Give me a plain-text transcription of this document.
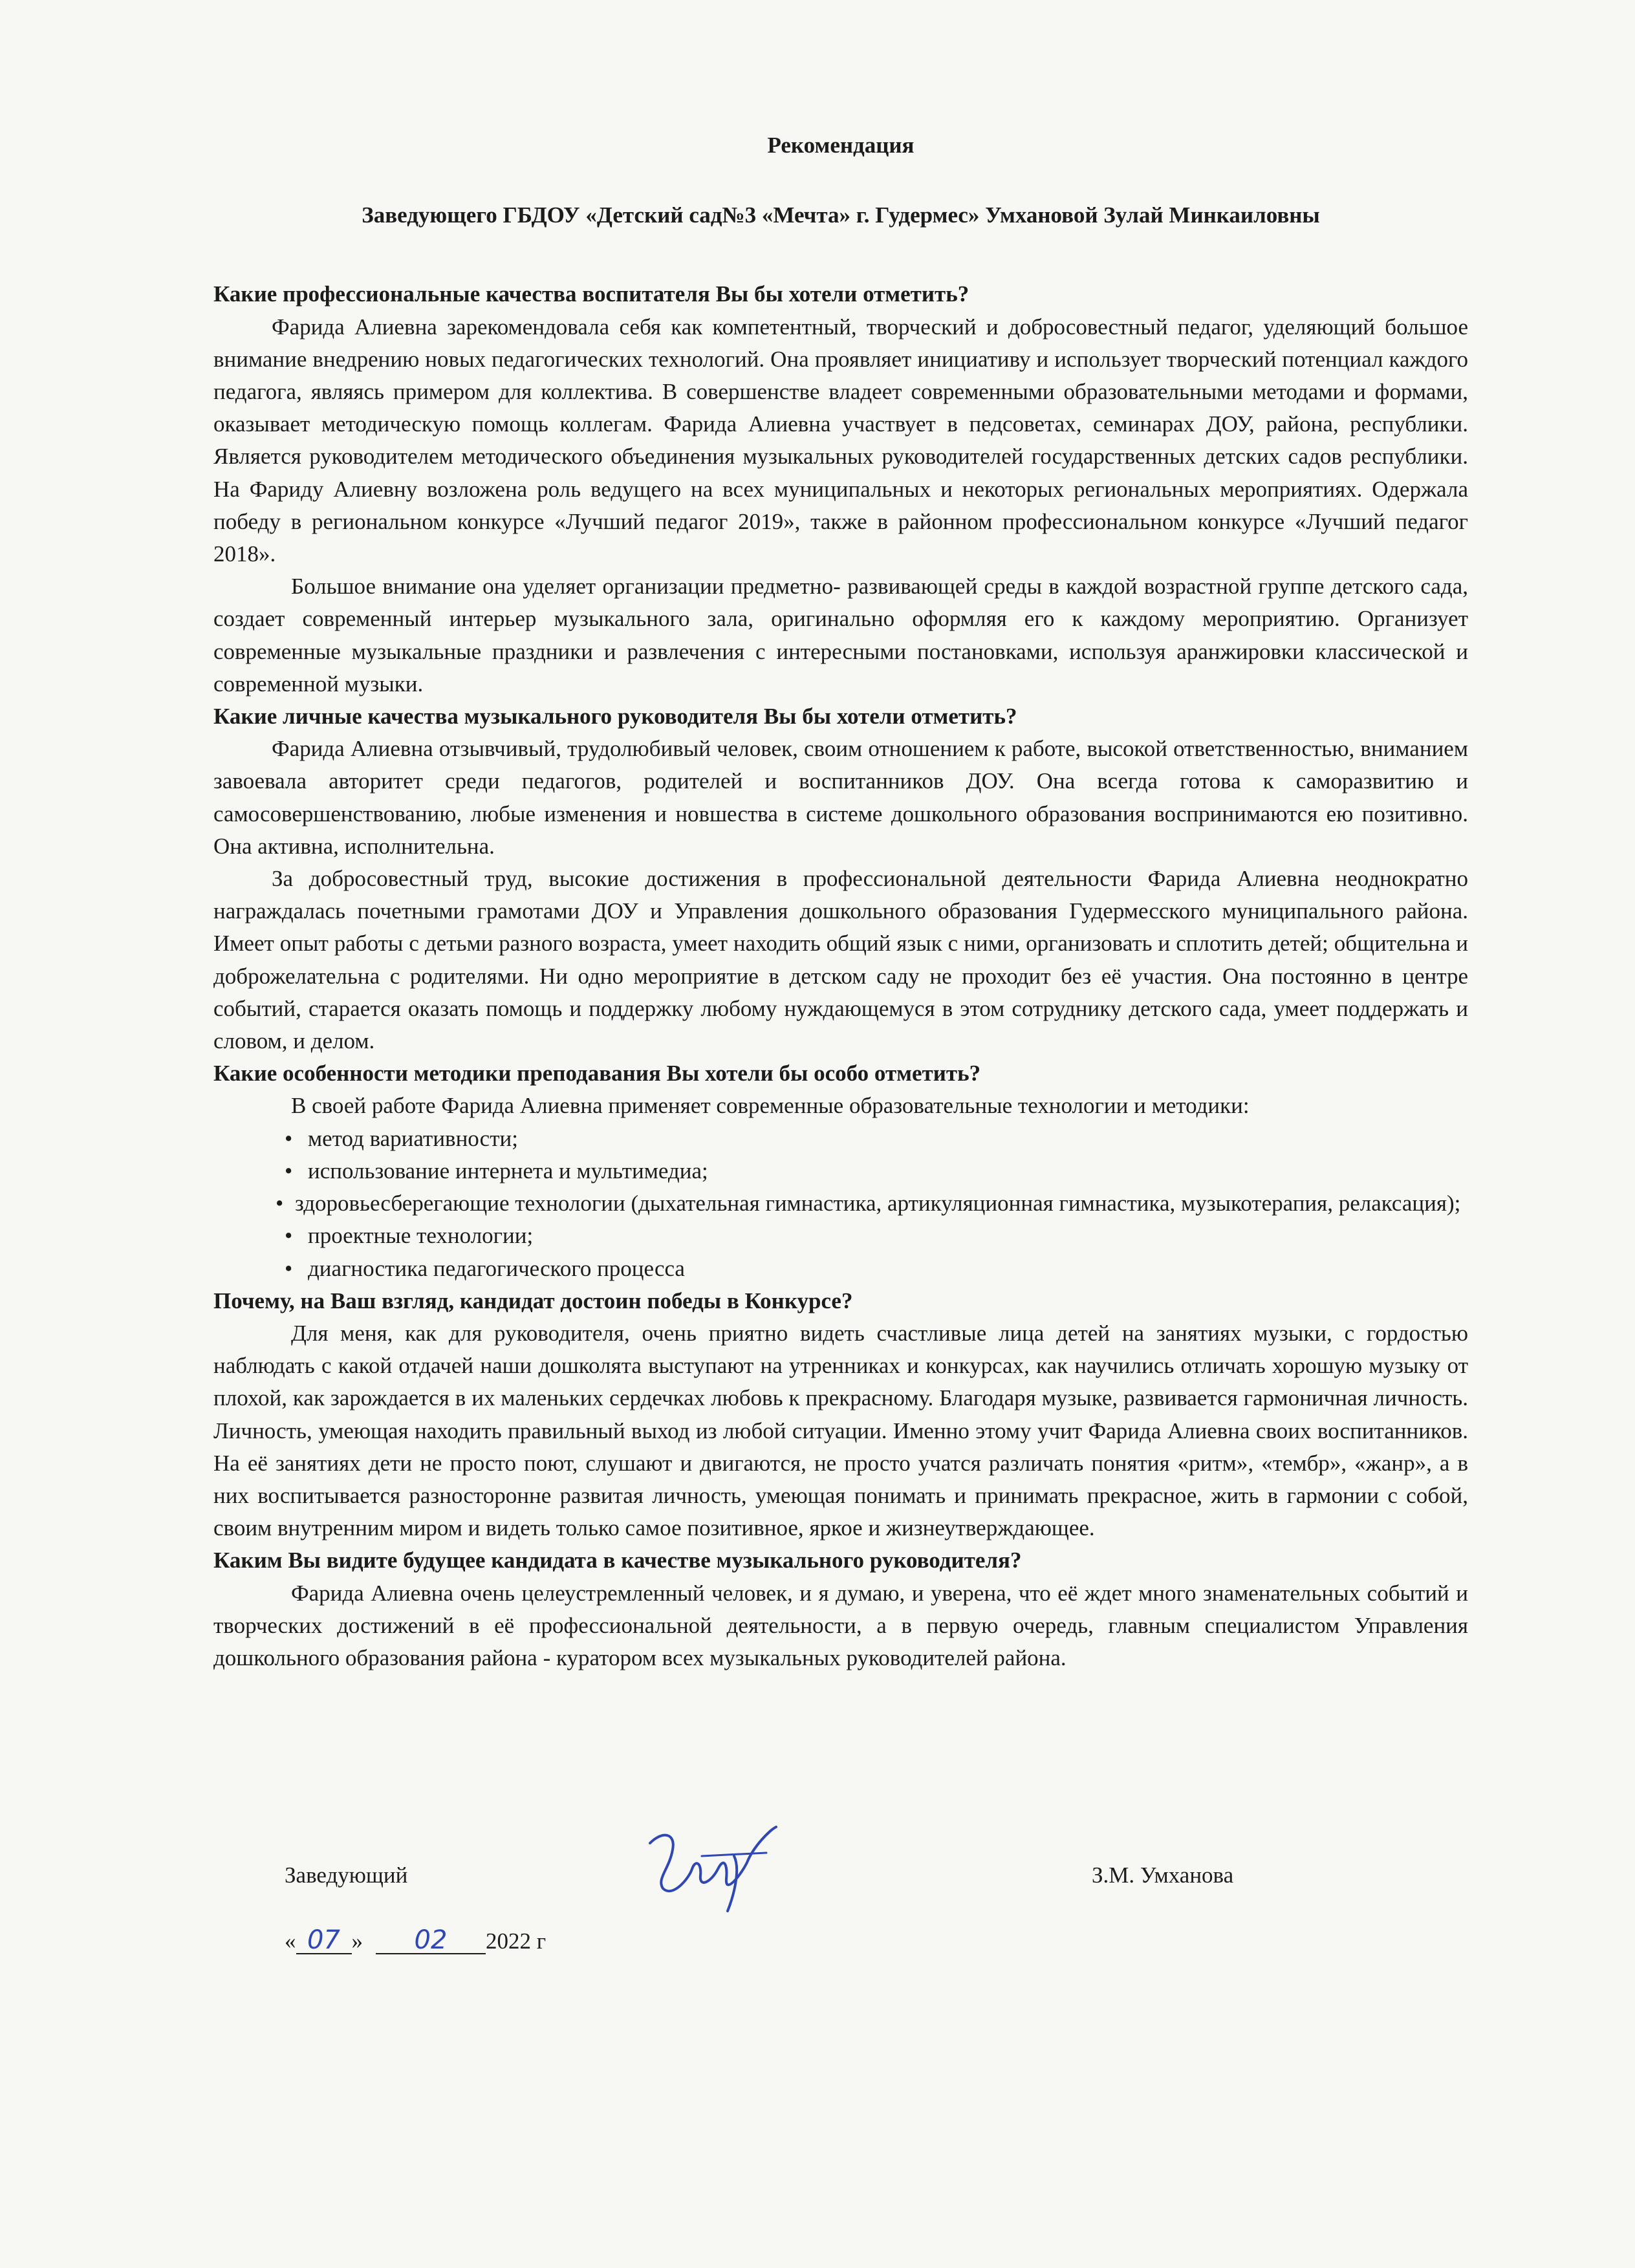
Рекомендация

Заведующего ГБДОУ «Детский сад№3 «Мечта» г. Гудермес» Умхановой Зулай Минкаиловны

Какие профессиональные качества воспитателя Вы бы хотели отметить?

Фарида Алиевна зарекомендовала себя как компетентный, творческий и добросовестный педагог, уделяющий большое внимание внедрению новых педагогических технологий. Она проявляет инициативу и использует творческий потенциал каждого педагога, являясь примером для коллектива. В совершенстве владеет современными образовательными методами и формами, оказывает методическую помощь коллегам. Фарида Алиевна участвует в педсоветах, семинарах ДОУ, района, республики. Является руководителем методического объединения музыкальных руководителей государственных детских садов республики. На Фариду Алиевну возложена роль ведущего на всех муниципальных и некоторых региональных мероприятиях. Одержала победу в региональном конкурсе «Лучший педагог 2019», также в районном профессиональном конкурсе «Лучший педагог 2018».

Большое внимание она уделяет организации предметно- развивающей среды в каждой возрастной группе детского сада, создает современный интерьер музыкального зала, оригинально оформляя его к каждому мероприятию. Организует современные музыкальные праздники и развлечения с интересными постановками, используя аранжировки классической и современной музыки.

Какие личные качества музыкального руководителя Вы бы хотели отметить?

Фарида Алиевна отзывчивый, трудолюбивый человек, своим отношением к работе, высокой ответственностью, вниманием завоевала авторитет среди педагогов, родителей и воспитанников ДОУ. Она всегда готова к саморазвитию и самосовершенствованию, любые изменения и новшества в системе дошкольного образования воспринимаются ею позитивно. Она активна, исполнительна.

За добросовестный труд, высокие достижения в профессиональной деятельности Фарида Алиевна неоднократно награждалась почетными грамотами ДОУ и Управления дошкольного образования Гудермесского муниципального района. Имеет опыт работы с детьми разного возраста, умеет находить общий язык с ними, организовать и сплотить детей; общительна и доброжелательна с родителями. Ни одно мероприятие в детском саду не проходит без её участия. Она постоянно в центре событий, старается оказать помощь и поддержку любому нуждающемуся в этом сотруднику детского сада, умеет поддержать и словом, и делом.

Какие особенности методики преподавания Вы хотели бы особо отметить?

В своей работе Фарида Алиевна применяет современные образовательные технологии и методики:

• метод вариативности;
• использование интернета и мультимедиа;
• здоровьесберегающие технологии (дыхательная гимнастика, артикуляционная гимнастика, музыкотерапия, релаксация);
• проектные технологии;
• диагностика педагогического процесса
Почему, на Ваш взгляд, кандидат достоин победы в Конкурсе?

Для меня, как для руководителя, очень приятно видеть счастливые лица детей на занятиях музыки, с гордостью наблюдать с какой отдачей наши дошколята выступают на утренниках и конкурсах, как научились отличать хорошую музыку от плохой, как зарождается в их маленьких сердечках любовь к прекрасному. Благодаря музыке, развивается гармоничная личность. Личность, умеющая находить правильный выход из любой ситуации. Именно этому учит Фарида Алиевна своих воспитанников. На её занятиях дети не просто поют, слушают и двигаются, не просто учатся различать понятия «ритм», «тембр», «жанр», а в них воспитывается разносторонне развитая личность, умеющая понимать и принимать прекрасное, жить в гармонии с собой, своим внутренним миром и видеть только самое позитивное, яркое и жизнеутверждающее.

Каким Вы видите будущее кандидата в качестве музыкального руководителя?

Фарида Алиевна очень целеустремленный человек, и я думаю, и уверена, что её ждет много знаменательных событий и творческих достижений в её профессиональной деятельности, а в первую очередь, главным специалистом Управления дошкольного образования района - куратором всех музыкальных руководителей района.

Заведующий	З.М. Умханова
« 07 » 02 2022 г
